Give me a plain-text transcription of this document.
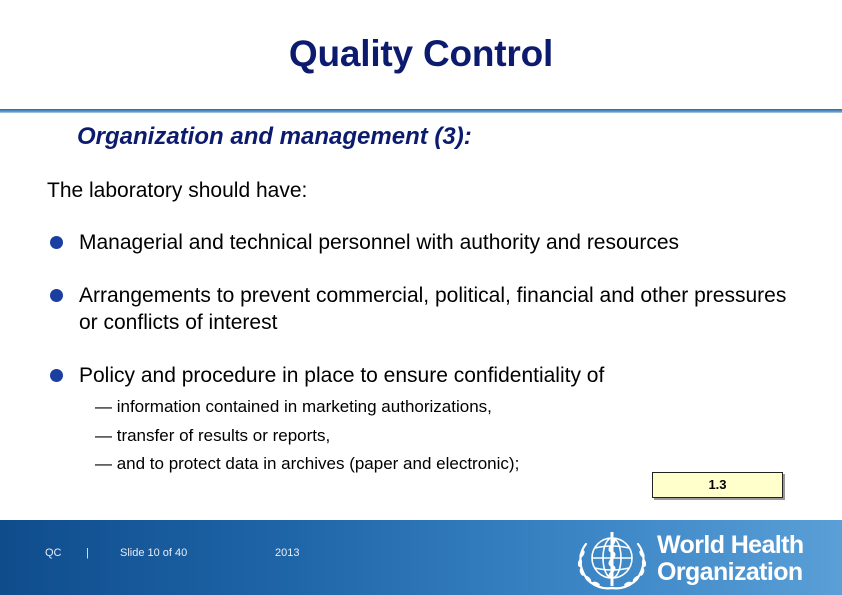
Quality Control
Organization and management (3):
The laboratory should have:
Managerial and technical personnel with authority and resources
Arrangements to prevent commercial, political, financial and other pressures or conflicts of interest
Policy and procedure in place to ensure confidentiality of
— information contained in marketing authorizations,
— transfer of results or reports,
— and to protect data in archives (paper and electronic);
1.3
QC |	Slide 10 of 40	2013	World Health
Organization
